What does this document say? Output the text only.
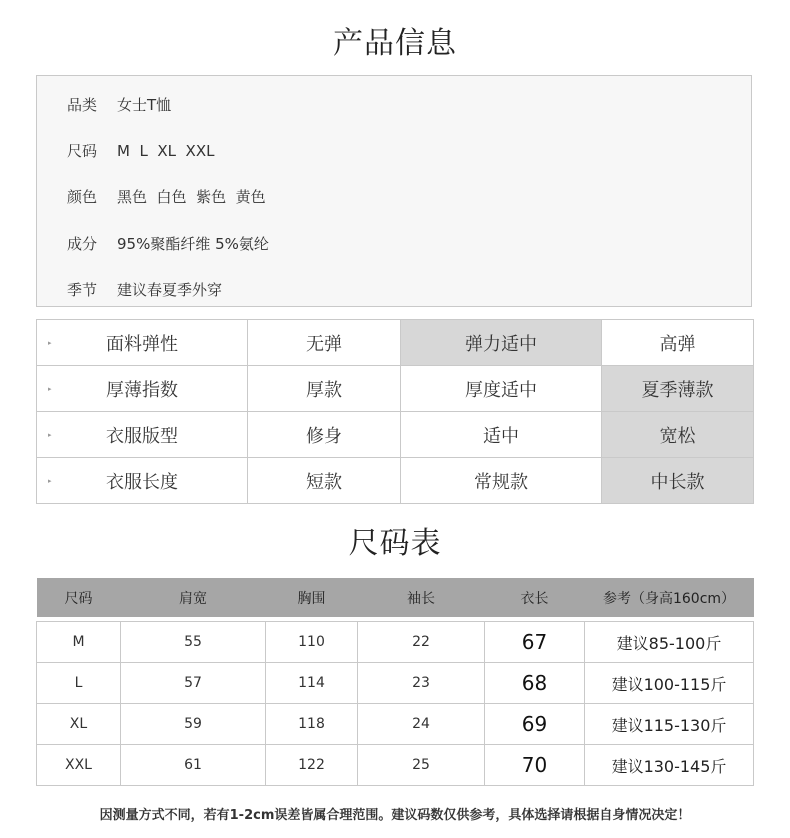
产品信息
品类 女士T恤
尺码 M  L  XL  XXL
颜色 黑色  白色  紫色  黄色
成分 95%聚酯纤维 5%氨纶
季节 建议春夏季外穿
▸ 面料弹性	无弹	弹力适中	高弹

▸ 厚薄指数	厚款	厚度适中	夏季薄款

▸ 衣服版型	修身	适中	宽松

▸ 衣服长度	短款	常规款	中长款
尺码表
尺码	肩宽	胸围	袖长	衣长	参考（身高160cm）

M	55	110	22	67	建议85-100斤
L	57	114	23	68	建议100-115斤
XL	59	118	24	69	建议115-130斤
XXL	61	122	25	70	建议130-145斤
因测量方式不同，若有1-2cm误差皆属合理范围。建议码数仅供参考，具体选择请根据自身情况决定！
